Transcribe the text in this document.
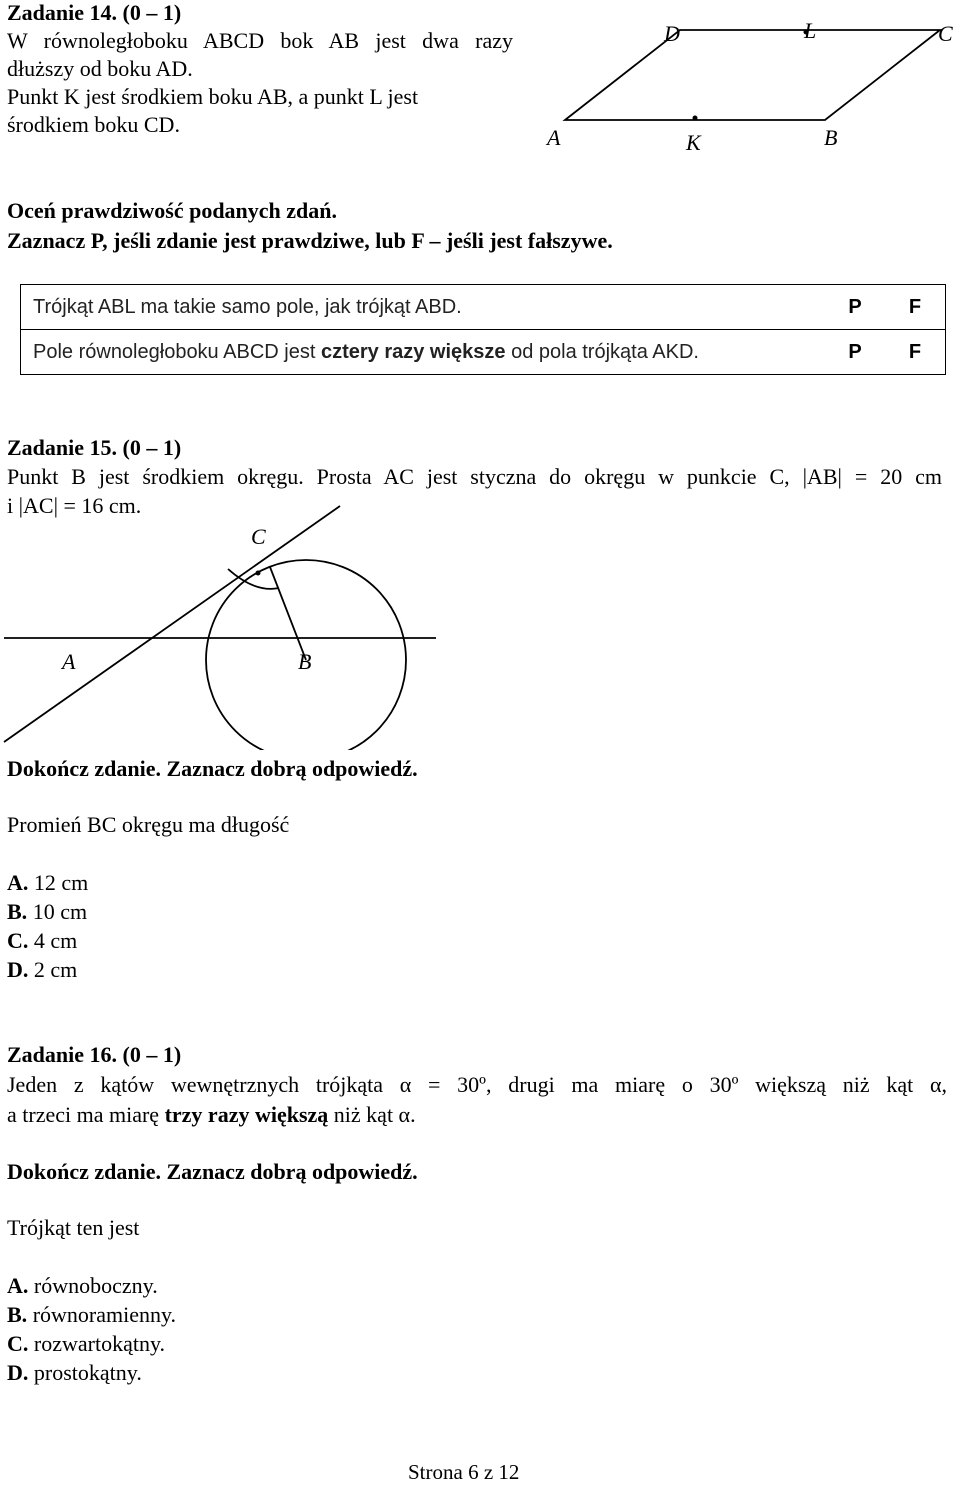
Zadanie 14. (0 – 1)
W równoległoboku ABCD bok AB jest dwa razy
dłuższy od boku AD.
Punkt K jest środkiem boku AB, a punkt L jest
środkiem boku CD.
A	K	B
D	L	C
Oceń prawdziwość podanych zdań.
Zaznacz P, jeśli zdanie jest prawdziwe, lub F – jeśli jest fałszywe.
Trójkąt ABL ma takie samo pole, jak trójkąt ABD.	P	F
Pole równoległoboku ABCD jest cztery razy większe od pola trójkąta AKD.	P	F
Zadanie 15. (0 – 1)
Punkt B jest środkiem okręgu. Prosta AC jest styczna do okręgu w punkcie C, |AB| = 20 cm
i |AC| = 16 cm.
C
A	B
Dokończ zdanie. Zaznacz dobrą odpowiedź.
Promień BC okręgu ma długość
A. 12 cm
B. 10 cm
C. 4 cm
D. 2 cm
Zadanie 16. (0 – 1)
Jeden z kątów wewnętrznych trójkąta α = 30º, drugi ma miarę o 30º większą niż kąt α,
a trzeci ma miarę trzy razy większą niż kąt α.
Dokończ zdanie. Zaznacz dobrą odpowiedź.
Trójkąt ten jest
A. równoboczny.
B. równoramienny.
C. rozwartokątny.
D. prostokątny.
Strona 6 z 12
